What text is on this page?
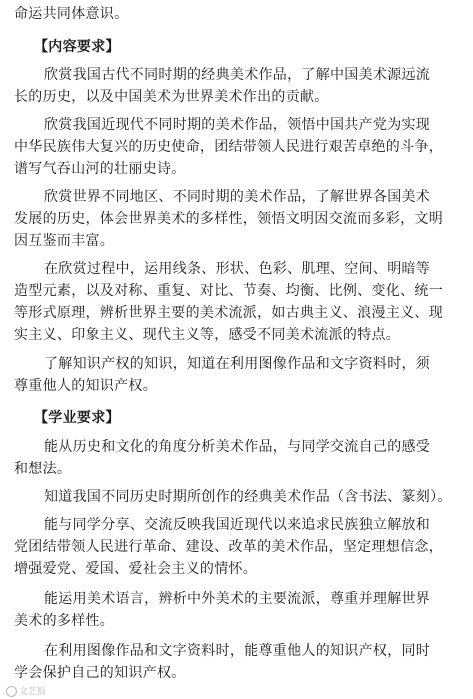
命运共同体意识。
【内容要求】
欣赏我国古代不同时期的经典美术作品，了解中国美术源远流
长的历史，以及中国美术为世界美术作出的贡献。
欣赏我国近现代不同时期的美术作品，领悟中国共产党为实现
中华民族伟大复兴的历史使命，团结带领人民进行艰苦卓绝的斗争，
谱写气吞山河的壮丽史诗。
欣赏世界不同地区、不同时期的美术作品，了解世界各国美术
发展的历史，体会世界美术的多样性，领悟文明因交流而多彩，文明
因互鉴而丰富。
在欣赏过程中，运用线条、形状、色彩、肌理、空间、明暗等
造型元素，以及对称、重复、对比、节奏、均衡、比例、变化、统一
等形式原理，辨析世界主要的美术流派，如古典主义、浪漫主义、现
实主义、印象主义、现代主义等，感受不同美术流派的特点。
了解知识产权的知识，知道在利用图像作品和文字资料时，须
尊重他人的知识产权。
【学业要求】
能从历史和文化的角度分析美术作品，与同学交流自己的感受
和想法。
知道我国不同历史时期所创作的经典美术作品（含书法、篆刻）。
能与同学分享、交流反映我国近现代以来追求民族独立解放和
党团结带领人民进行革命、建设、改革的美术作品，坚定理想信念，
增强爱党、爱国、爱社会主义的情怀。
能运用美术语言，辨析中外美术的主要流派，尊重并理解世界
美术的多样性。
在利用图像作品和文字资料时，能尊重他人的知识产权，同时
学会保护自己的知识产权。
文艺报
